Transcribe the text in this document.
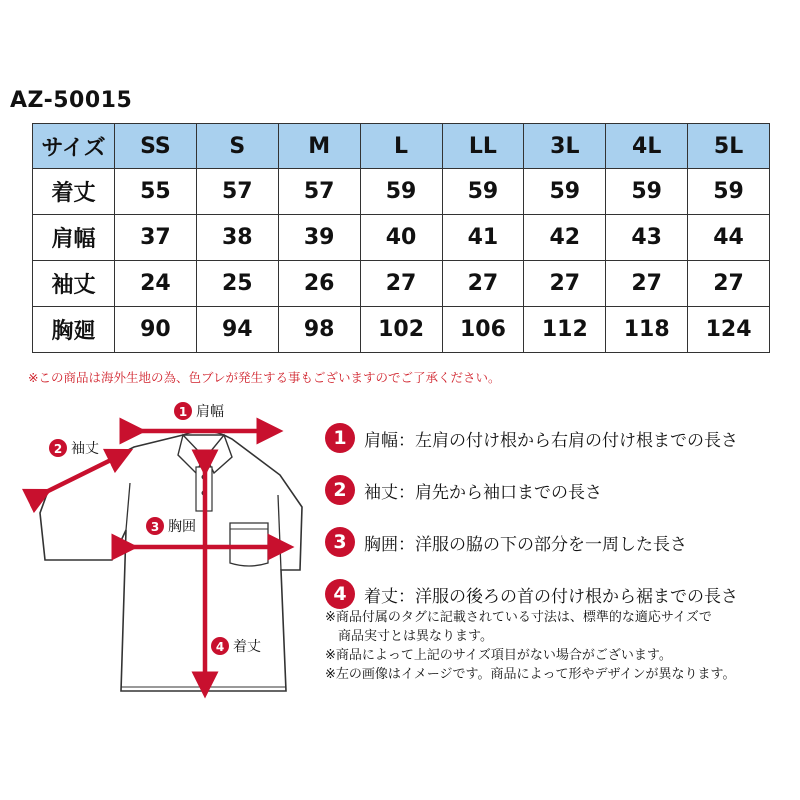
AZ-50015
サイズ	SS	S	M	L	LL	3L	4L	5L
着丈	55	57	57	59	59	59	59	59
肩幅	37	38	39	40	41	42	43	44
袖丈	24	25	26	27	27	27	27	27
胸廻	90	94	98	102	106	112	118	124
※この商品は海外生地の為、色ブレが発生する事もございますのでご了承ください。
1 肩幅
2 袖丈
3 胸囲
4 着丈
1	肩幅 ：左肩の付け根から右肩の付け根までの長さ
2	袖丈 ：肩先から袖口までの長さ
3	胸囲 ：洋服の脇の下の部分を一周した長さ
4	着丈 ：洋服の後ろの首の付け根から裾までの長さ
※商品付属のタグに記載されている寸法は、標準的な適応サイズで
商品実寸とは異なります。
※商品によって上記のサイズ項目がない場合がございます。
※左の画像はイメージです。商品によって形やデザインが異なります。
